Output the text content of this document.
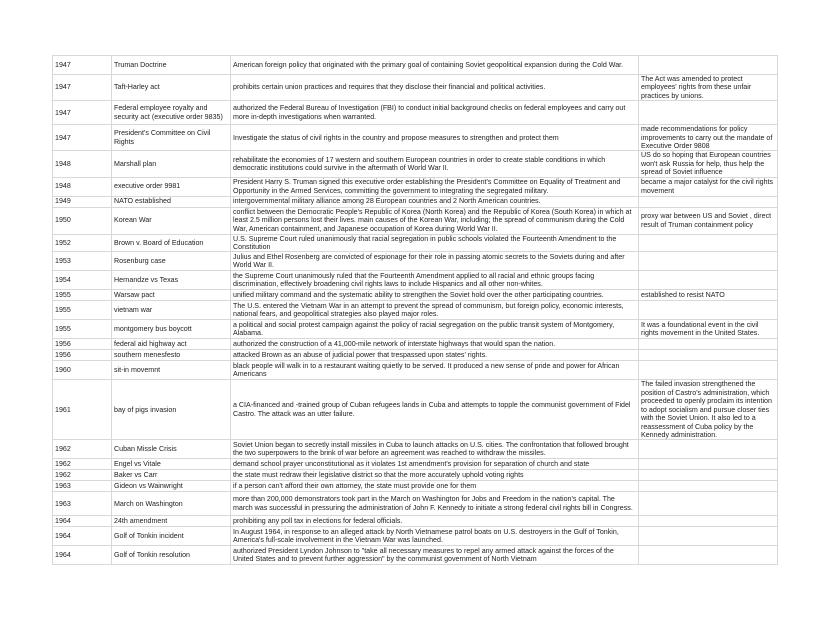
1947	Truman Doctrine	American foreign policy that originated with the primary goal of containing Soviet geopolitical expansion during the Cold War.	
1947	Taft-Harley act	prohibits certain union practices and requires that they disclose their financial and political activities.	The Act was amended to protect employees' rights from these unfair practices by unions.
1947	Federal employee royalty and security act (executive order 9835)	authorized the Federal Bureau of Investigation (FBI) to conduct initial background checks on federal employees and carry out more in-depth investigations when warranted.	
1947	President's Committee on Civil Rights	Investigate the status of civil rights in the country and propose measures to strengthen and protect them	made recommendations for policy improvements to carry out the mandate of Executive Order 9808
1948	Marshall plan	rehabilitate the economies of 17 western and southern European countries in order to create stable conditions in which democratic institutions could survive in the aftermath of World War II.	US do so hoping that European countries won't ask Russia for help, thus help the spread of Soviet influence
1948	executive order 9981	President Harry S. Truman signed this executive order establishing the President's Committee on Equality of Treatment and Opportunity in the Armed Services, committing the government to integrating the segregated military.	became a major catalyst for the civil rights movement
1949	NATO established	intergovernmental military alliance among 28 European countries and 2 North American countries.	
1950	Korean War	conflict between the Democratic People's Republic of Korea (North Korea) and the Republic of Korea (South Korea) in which at least 2.5 million persons lost their lives. main causes of the Korean War, including; the spread of communism during the Cold War, American containment, and Japanese occupation of Korea during World War II.	proxy war between US and Soviet , direct result of Truman containment policy
1952	Brown v. Board of Education	U.S. Supreme Court ruled unanimously that racial segregation in public schools violated the Fourteenth Amendment to the Constitution	
1953	Rosenburg case	Julius and Ethel Rosenberg are convicted of espionage for their role in passing atomic secrets to the Soviets during and after World War II.	
1954	Hernandze vs Texas	the Supreme Court unanimously ruled that the Fourteenth Amendment applied to all racial and ethnic groups facing discrimination, effectively broadening civil rights laws to include Hispanics and all other non-whites.	
1955	Warsaw pact	unified military command and the systematic ability to strengthen the Soviet hold over the other participating countries.	established to resist NATO
1955	vietnam war	The U.S. entered the Vietnam War in an attempt to prevent the spread of communism, but foreign policy, economic interests, national fears, and geopolitical strategies also played major roles.	
1955	montgomery bus boycott	a political and social protest campaign against the policy of racial segregation on the public transit system of Montgomery, Alabama.	It was a foundational event in the civil rights movement in the United States.
1956	federal aid highway act	authorized the construction of a 41,000-mile network of interstate highways that would span the nation.	
1956	southern menesfesto	attacked Brown as an abuse of judicial power that trespassed upon states' rights.	
1960	sit-in movemnt	black people will walk in to a restaurant waiting quietly to be served. It produced a new sense of pride and power for African Americans	
1961	bay of pigs invasion	a CIA-financed and -trained group of Cuban refugees lands in Cuba and attempts to topple the communist government of Fidel Castro. The attack was an utter failure.	The failed invasion strengthened the position of Castro's administration, which proceeded to openly proclaim its intention to adopt socialism and pursue closer ties with the Soviet Union. It also led to a reassessment of Cuba policy by the Kennedy administration.
1962	Cuban Missle Crisis	Soviet Union began to secretly install missiles in Cuba to launch attacks on U.S. cities. The confrontation that followed brought the two superpowers to the brink of war before an agreement was reached to withdraw the missiles.	
1962	Engel vs Vitale	demand school prayer unconstitutional as it violates 1st amendment's provision for separation of church and state	
1962	Baker vs Carr	the state must redraw their legislative district so that the more accurately uphold voting rights	
1963	Gideon vs Wainwright	if a person can't afford their own attorney, the state must provide one for them	
1963	March on Washington	more than 200,000 demonstrators took part in the March on Washington for Jobs and Freedom in the nation's capital. The march was successful in pressuring the administration of John F. Kennedy to initiate a strong federal civil rights bill in Congress.	
1964	24th amendment	prohibiting any poll tax in elections for federal officials.	
1964	Golf of Tonkin incident	In August 1964, in response to an alleged attack by North Vietnamese patrol boats on U.S. destroyers in the Gulf of Tonkin, America's full-scale involvement in the Vietnam War was launched.	
1964	Golf of Tonkin resolution	authorized President Lyndon Johnson to "take all necessary measures to repel any armed attack against the forces of the United States and to prevent further aggression" by the communist government of North Vietnam	
